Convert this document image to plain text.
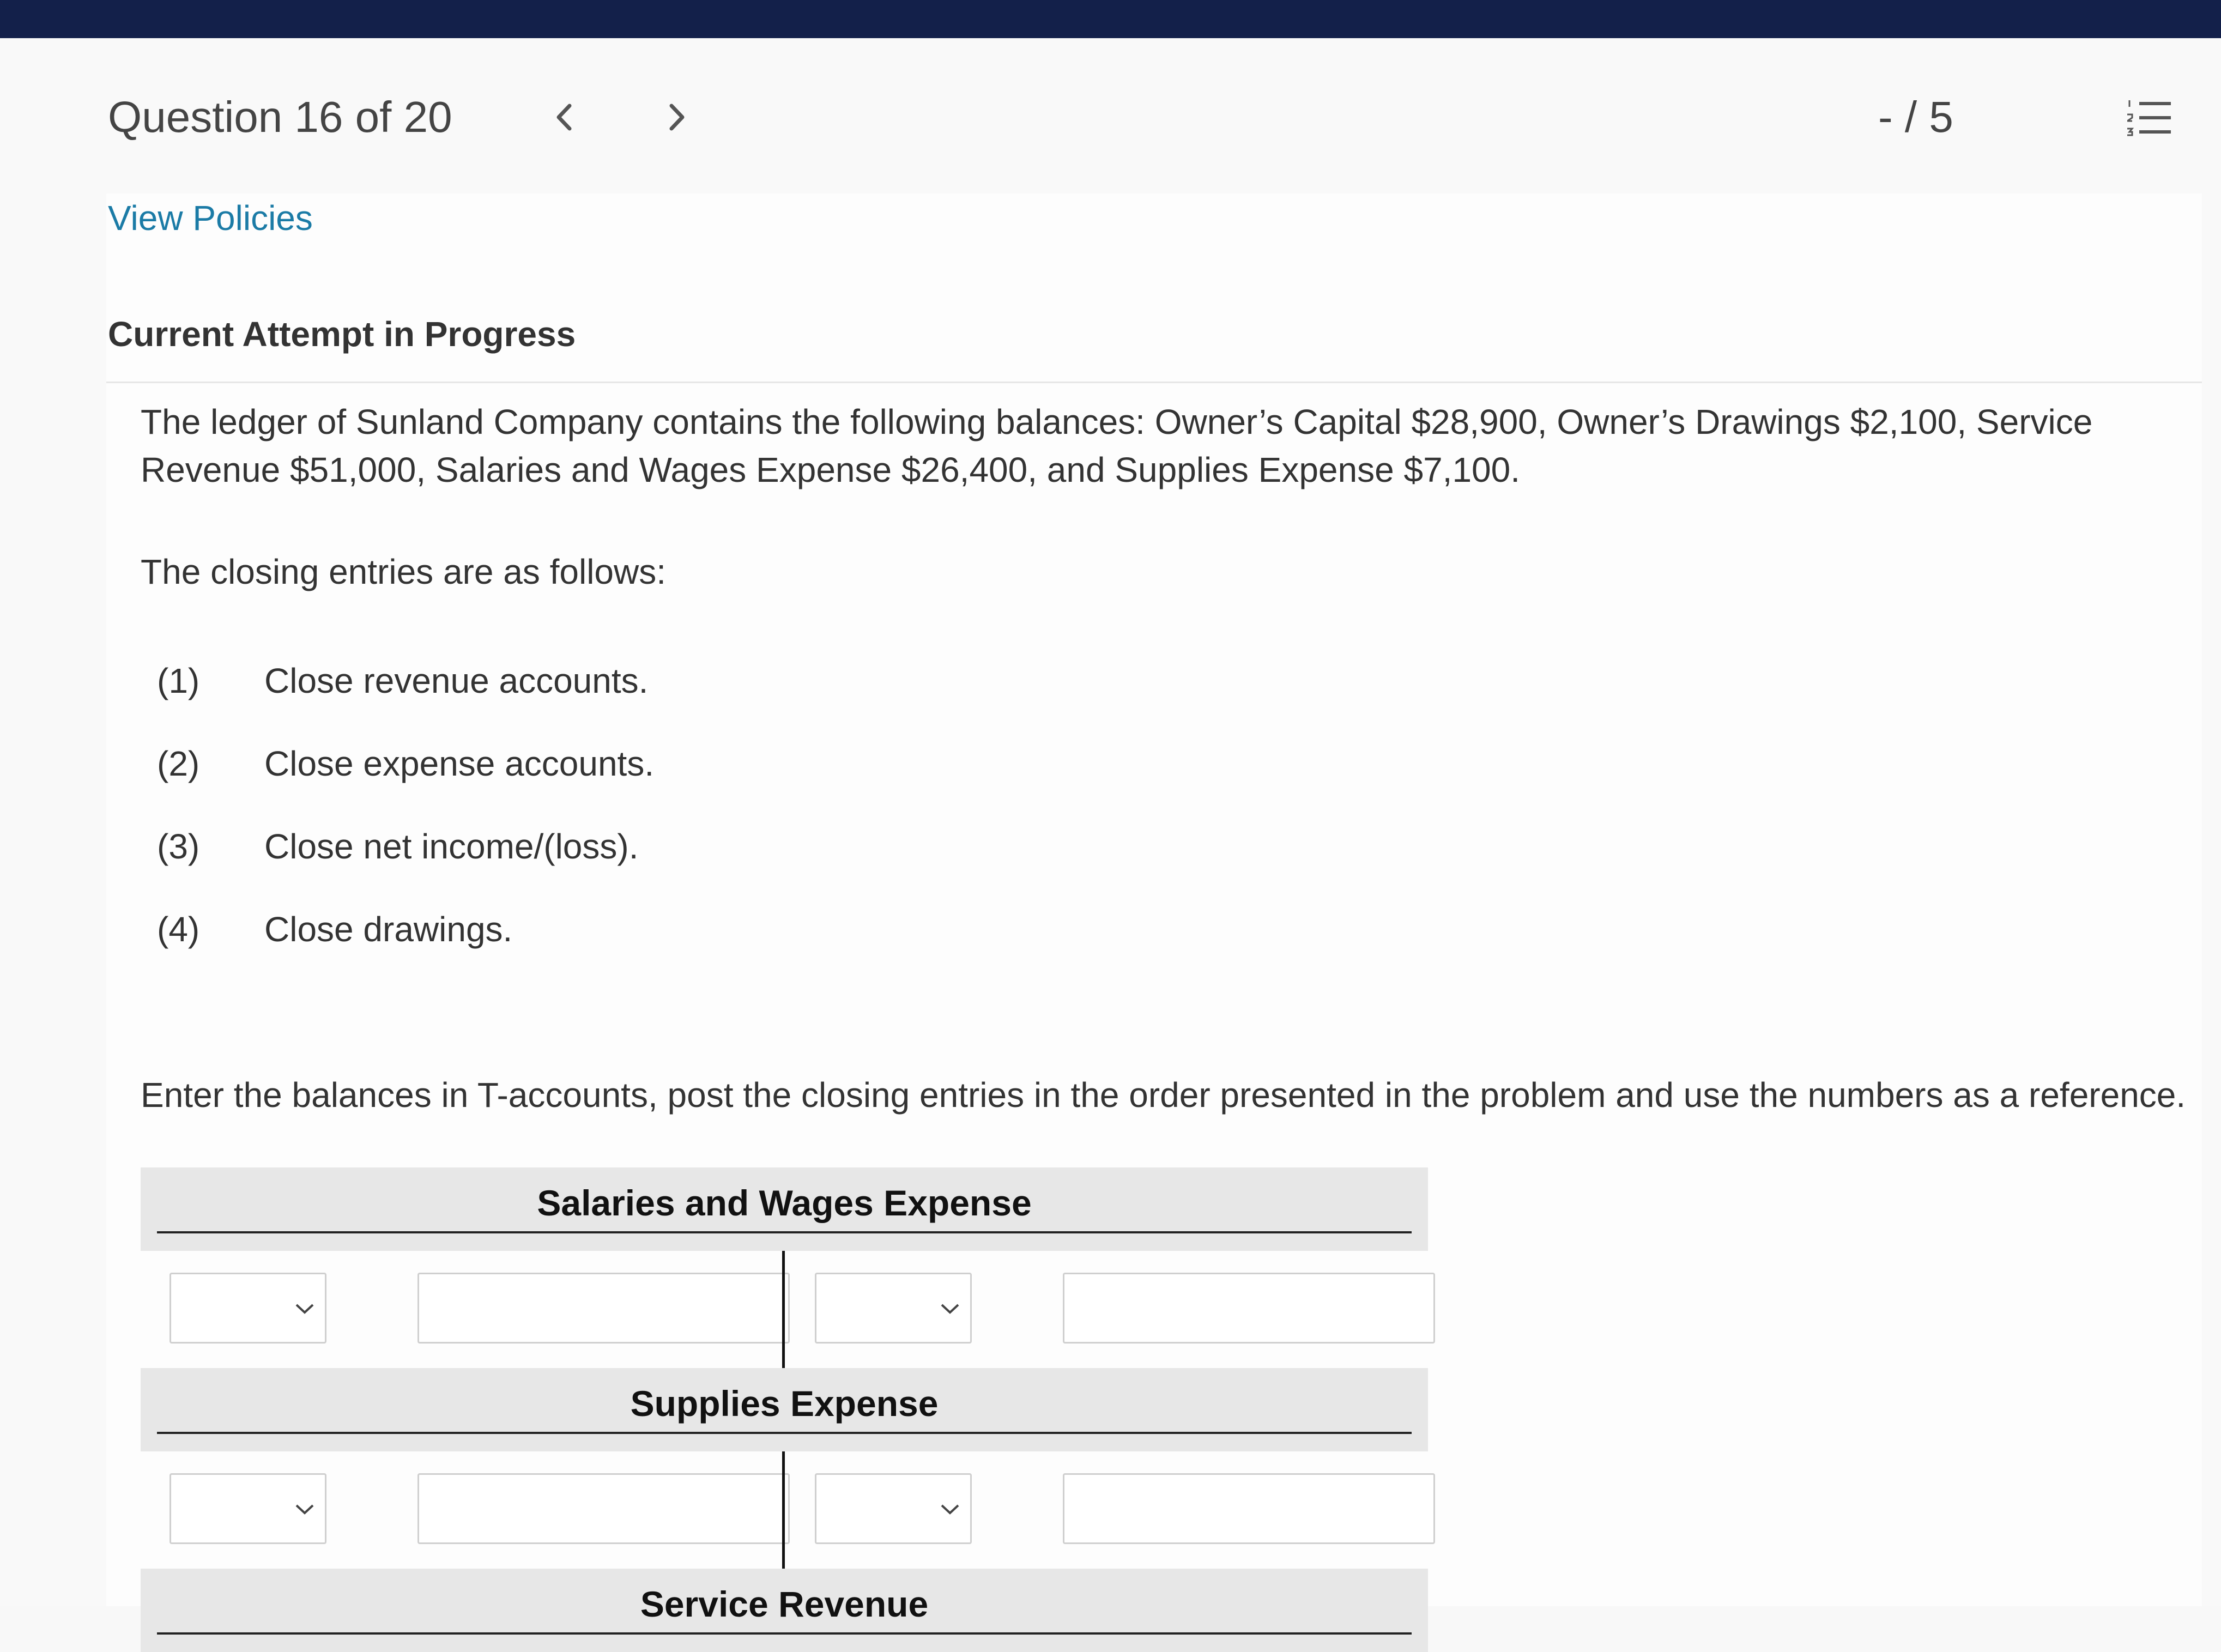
Question 16 of 20	- / 5
View Policies
Current Attempt in Progress
The ledger of Sunland Company contains the following balances: Owner’s Capital $28,900, Owner’s Drawings $2,100, Service Revenue $51,000, Salaries and Wages Expense $26,400, and Supplies Expense $7,100.
The closing entries are as follows:
(1) Close revenue accounts.
(2) Close expense accounts.
(3) Close net income/(loss).
(4) Close drawings.
Enter the balances in T-accounts, post the closing entries in the order presented in the problem and use the numbers as a reference.
Salaries and Wages Expense
Supplies Expense
Service Revenue
